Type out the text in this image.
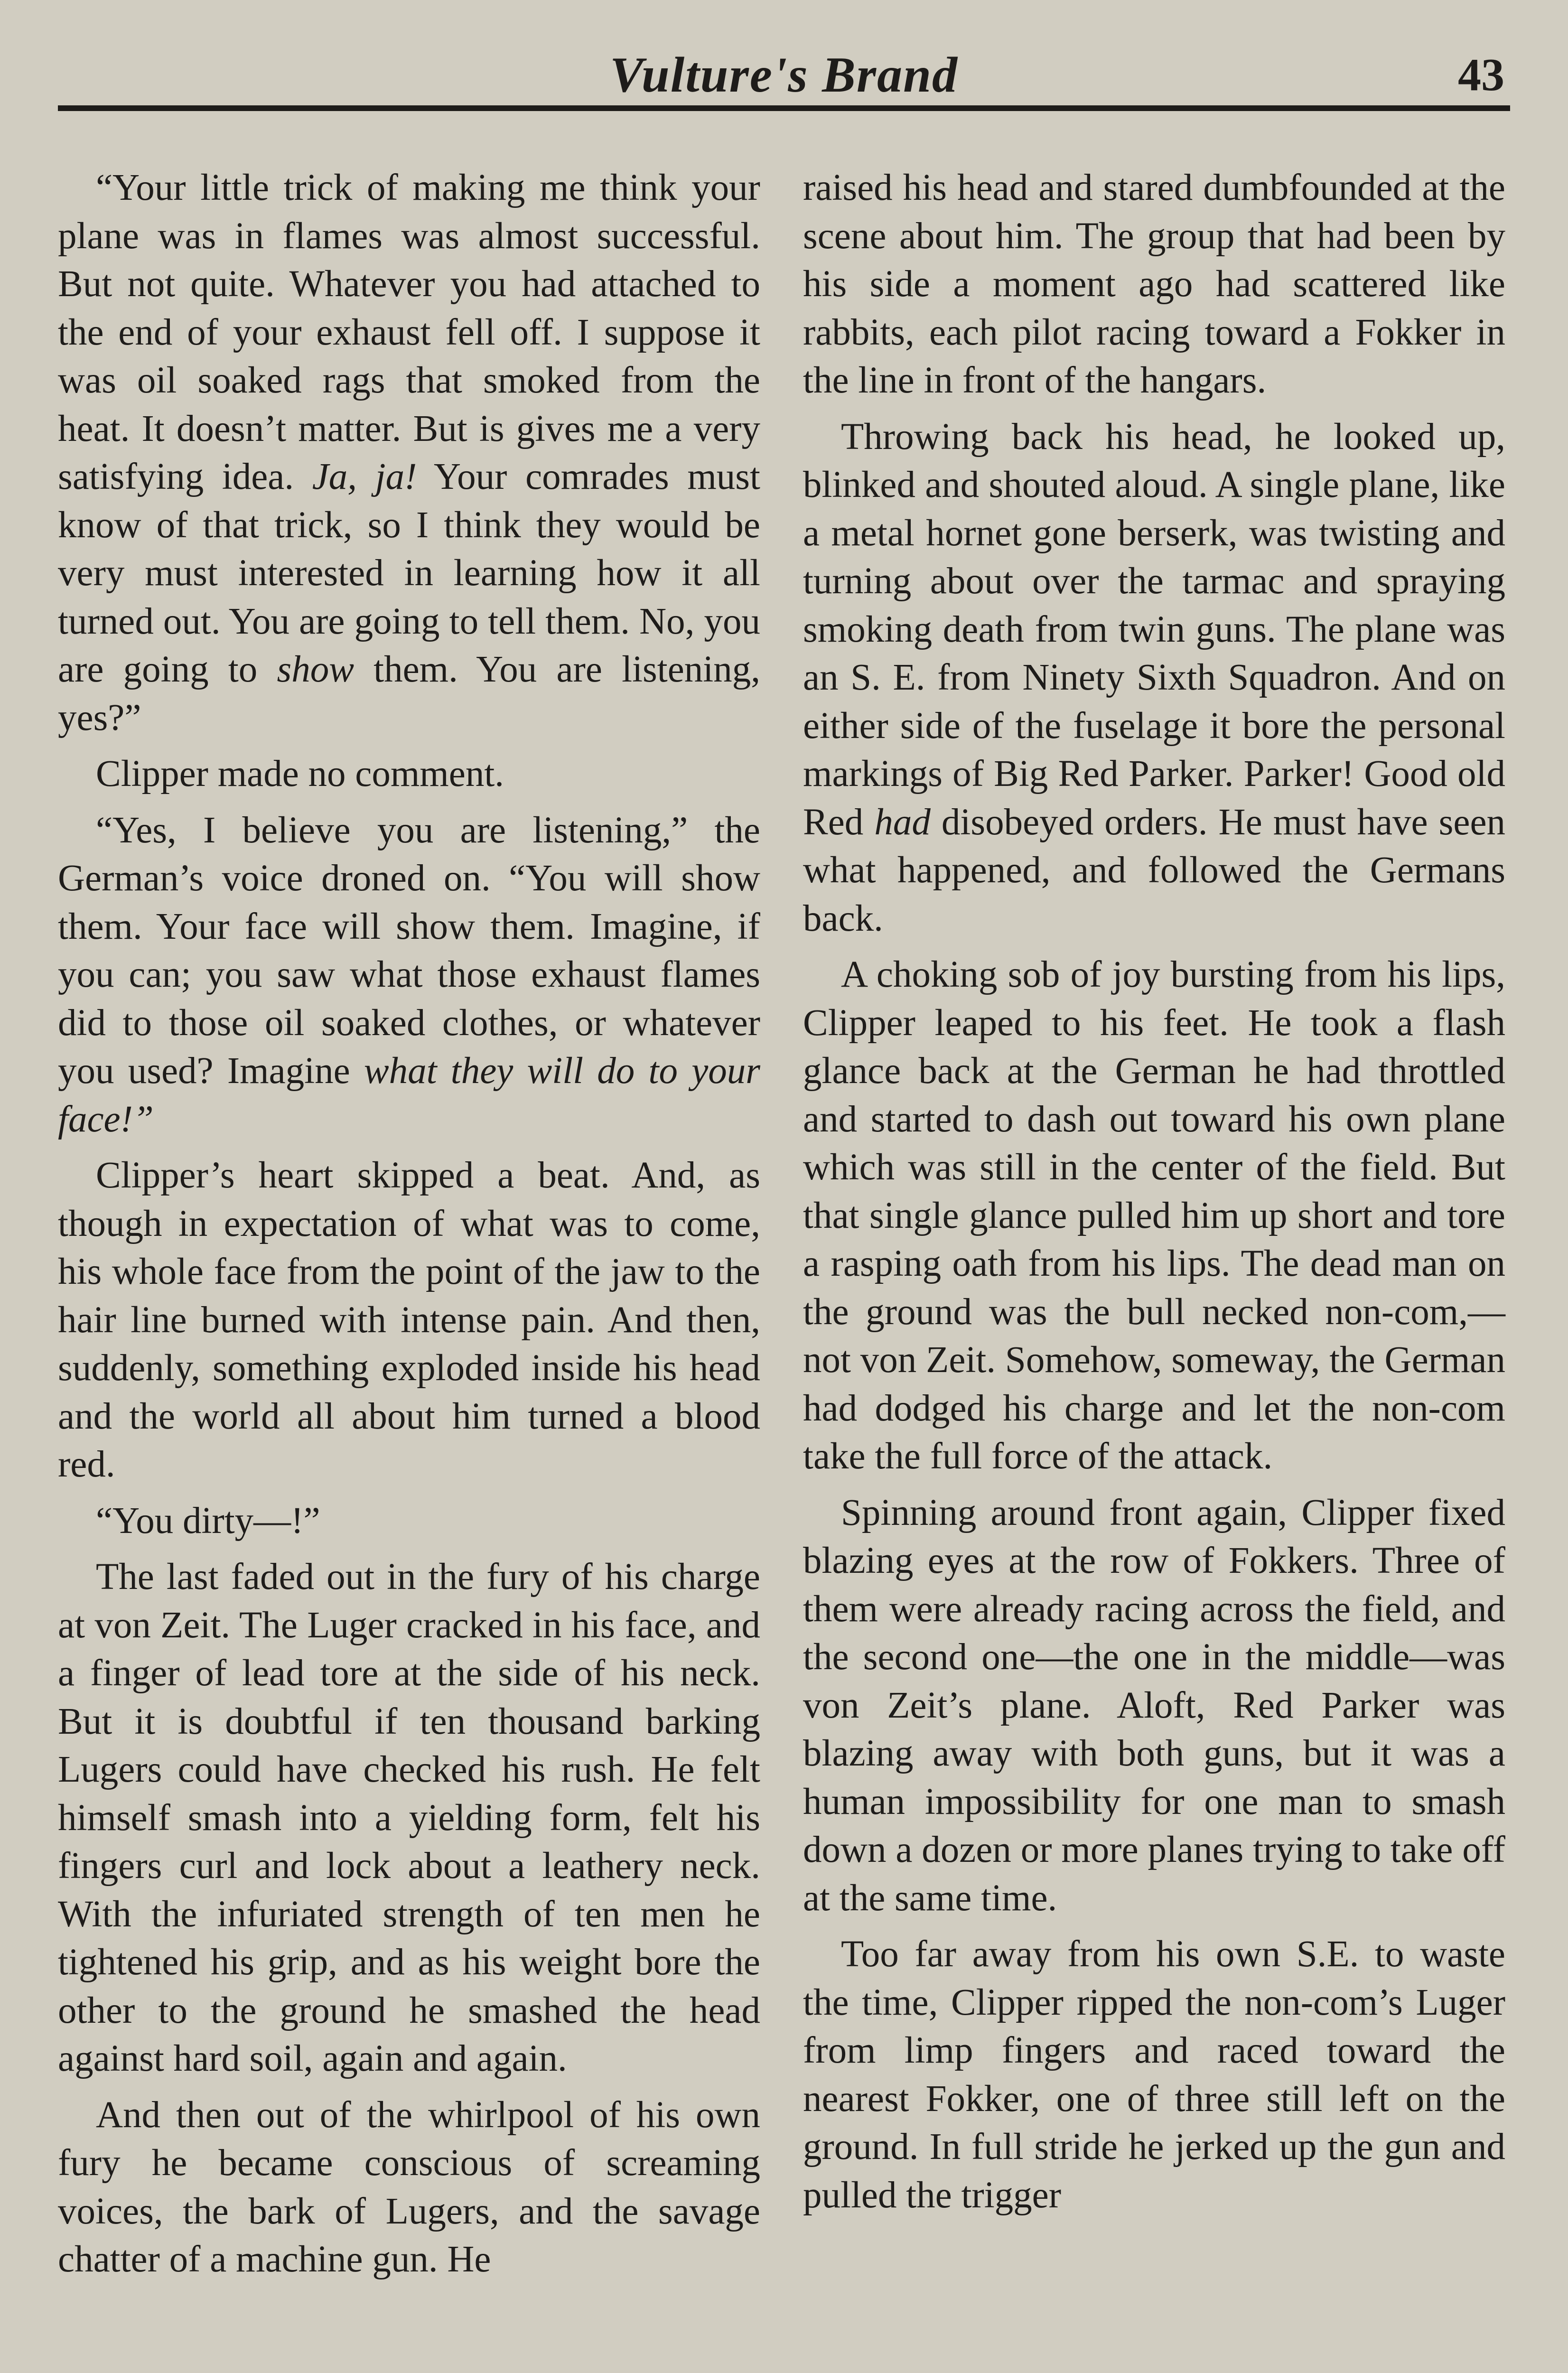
Vulture's Brand	43

“Your little trick of making me think your plane was in flames was almost successful. But not quite. Whatever you had attached to the end of your exhaust fell off. I suppose it was oil soaked rags that smoked from the heat. It doesn’t matter. But is gives me a very satisfying idea. Ja, ja! Your comrades must know of that trick, so I think they would be very must interested in learning how it all turned out. You are going to tell them. No, you are going to show them. You are listening, yes?”

Clipper made no comment.

“Yes, I believe you are listening,” the German’s voice droned on. “You will show them. Your face will show them. Imagine, if you can; you saw what those exhaust flames did to those oil soaked clothes, or whatever you used? Imagine what they will do to your face!”

Clipper’s heart skipped a beat. And, as though in expectation of what was to come, his whole face from the point of the jaw to the hair line burned with intense pain. And then, suddenly, something exploded inside his head and the world all about him turned a blood red.

“You dirty—!”

The last faded out in the fury of his charge at von Zeit. The Luger cracked in his face, and a finger of lead tore at the side of his neck. But it is doubtful if ten thousand barking Lugers could have checked his rush. He felt himself smash into a yielding form, felt his fingers curl and lock about a leathery neck. With the infuriated strength of ten men he tightened his grip, and as his weight bore the other to the ground he smashed the head against hard soil, again and again.

And then out of the whirlpool of his own fury he became conscious of screaming voices, the bark of Lugers, and the savage chatter of a machine gun. He

raised his head and stared dumbfounded at the scene about him. The group that had been by his side a moment ago had scattered like rabbits, each pilot racing toward a Fokker in the line in front of the hangars.

Throwing back his head, he looked up, blinked and shouted aloud. A single plane, like a metal hornet gone berserk, was twisting and turning about over the tarmac and spraying smoking death from twin guns. The plane was an S. E. from Ninety Sixth Squadron. And on either side of the fuselage it bore the personal markings of Big Red Parker. Parker! Good old Red had disobeyed orders. He must have seen what happened, and followed the Germans back.

A choking sob of joy bursting from his lips, Clipper leaped to his feet. He took a flash glance back at the German he had throttled and started to dash out toward his own plane which was still in the center of the field. But that single glance pulled him up short and tore a rasping oath from his lips. The dead man on the ground was the bull necked non-com,—not von Zeit. Somehow, someway, the German had dodged his charge and let the non-com take the full force of the attack.

Spinning around front again, Clipper fixed blazing eyes at the row of Fokkers. Three of them were already racing across the field, and the second one—the one in the middle—was von Zeit’s plane. Aloft, Red Parker was blazing away with both guns, but it was a human impossibility for one man to smash down a dozen or more planes trying to take off at the same time.

Too far away from his own S.E. to waste the time, Clipper ripped the non-com’s Luger from limp fingers and raced toward the nearest Fokker, one of three still left on the ground. In full stride he jerked up the gun and pulled the trigger
